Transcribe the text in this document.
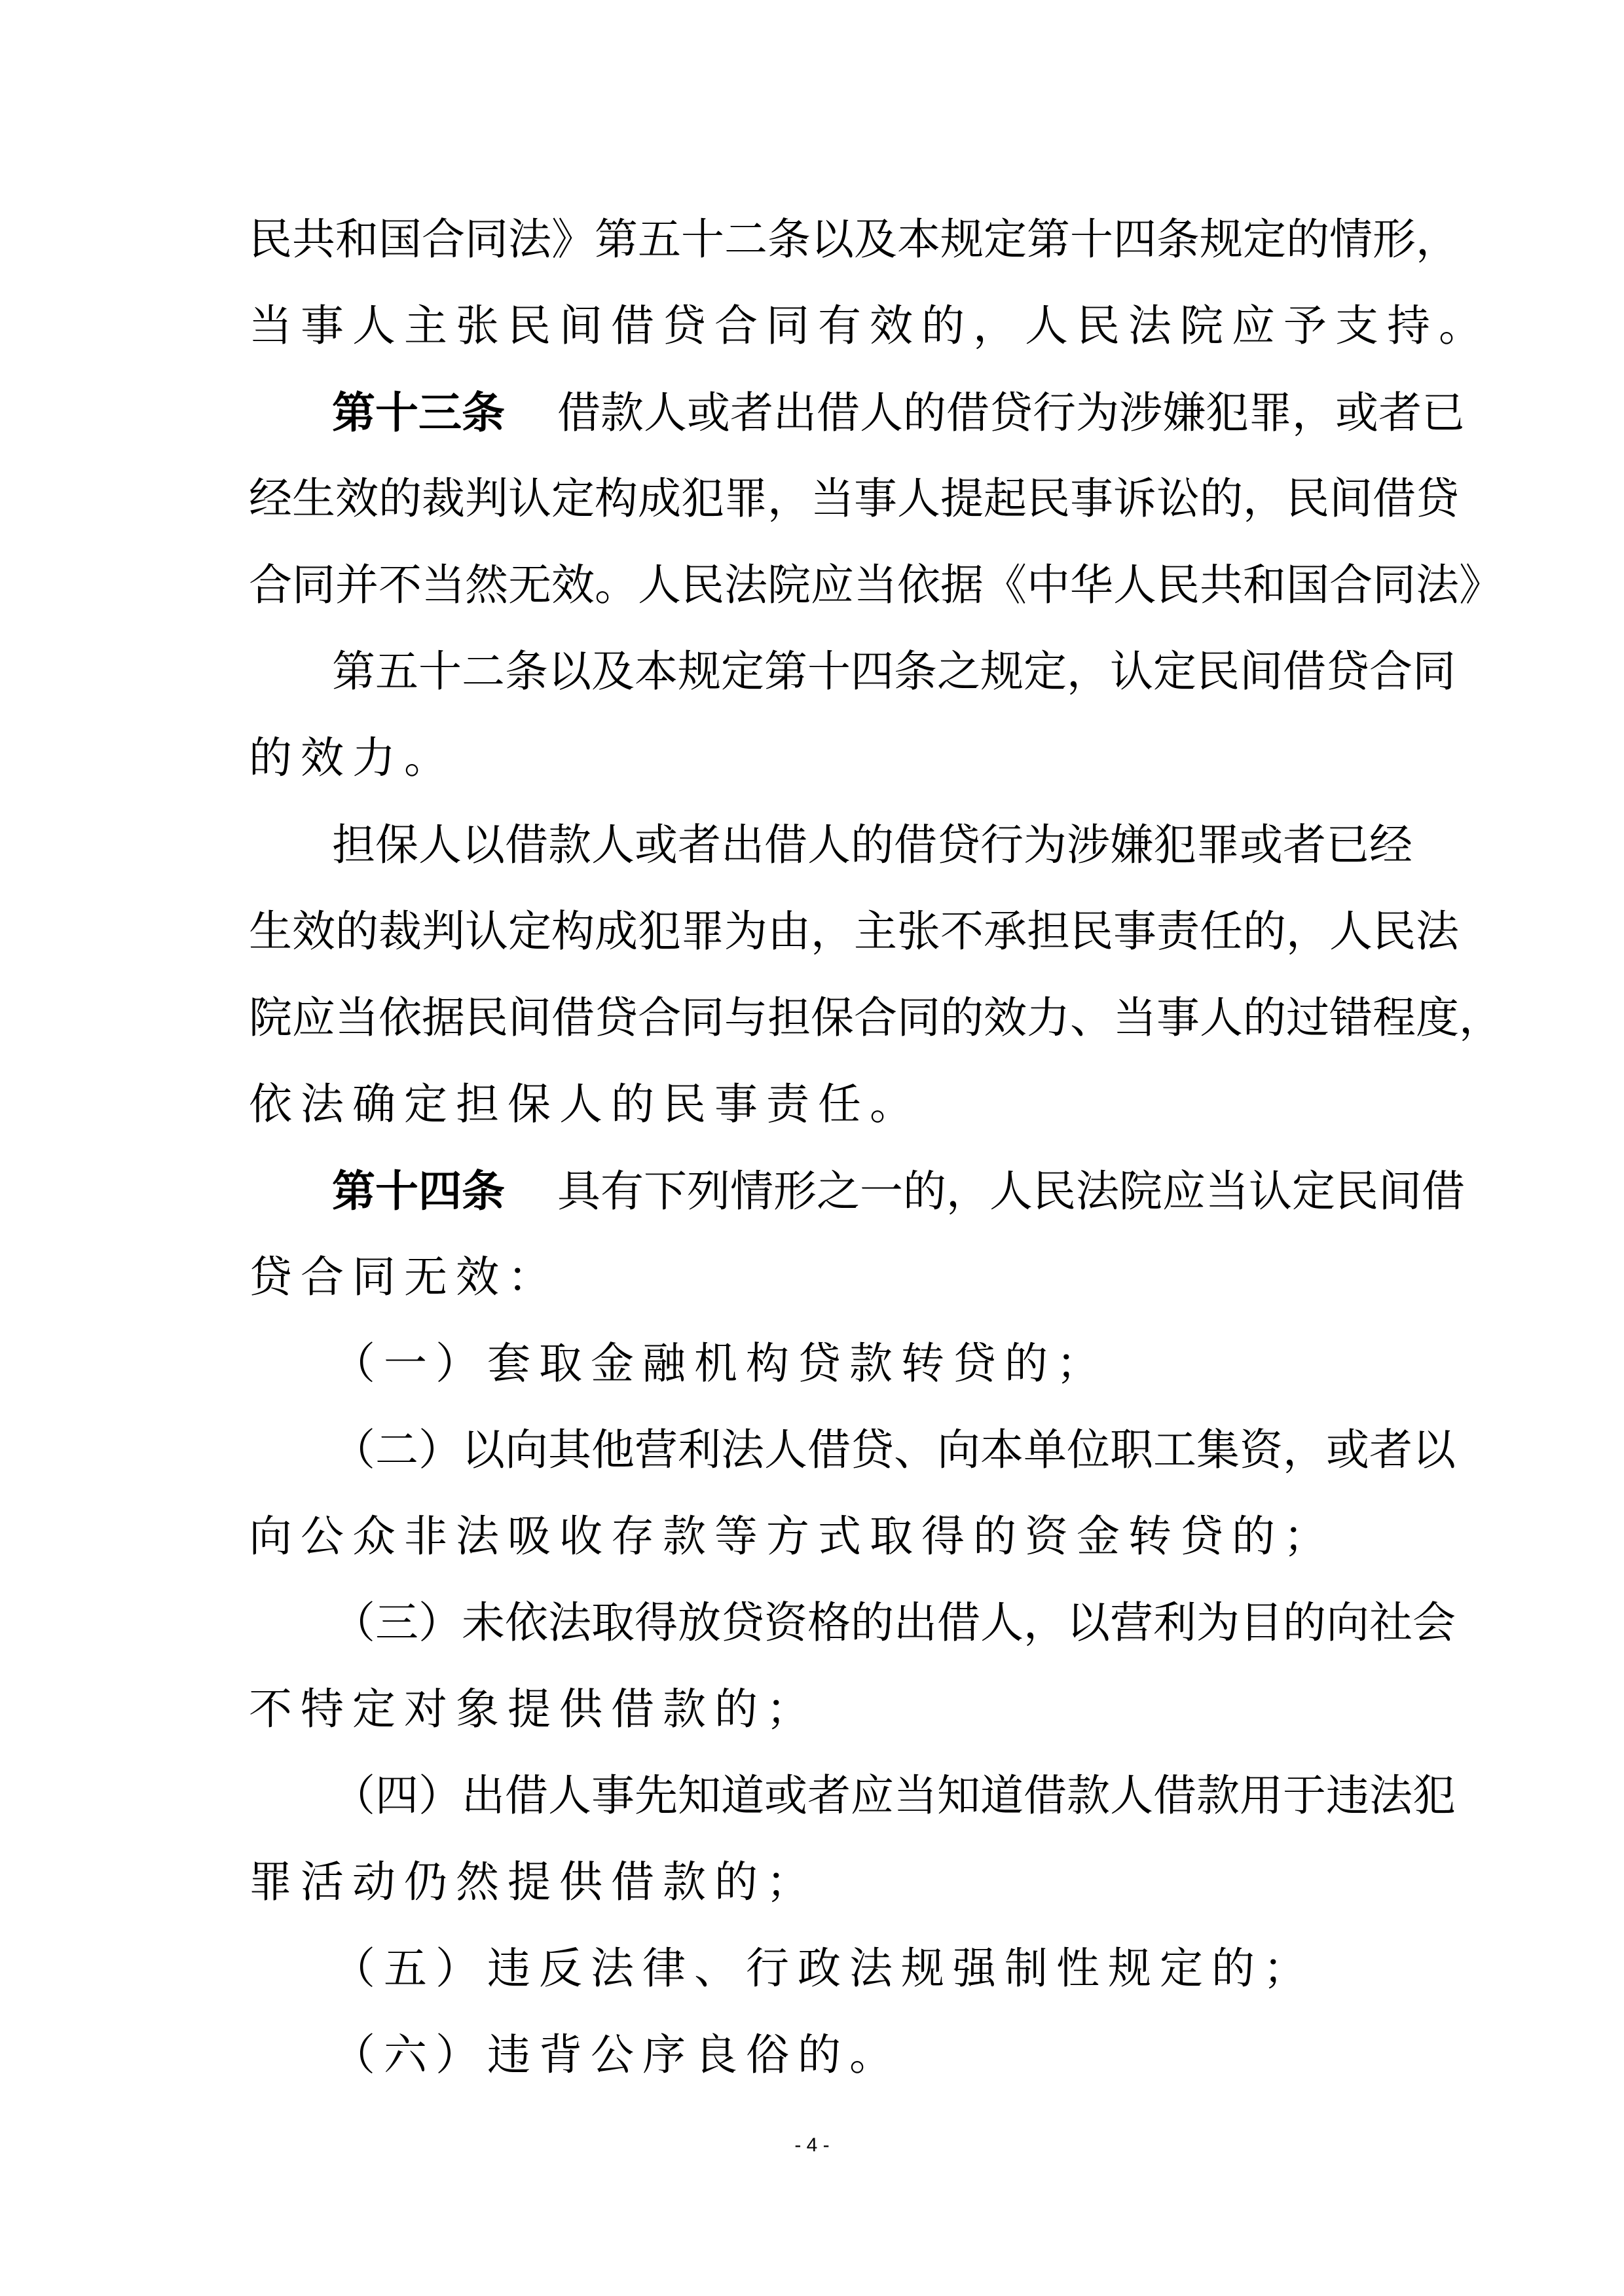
民共和国合同法》第五十二条以及本规定第十四条规定的情形，
当事人主张民间借贷合同有效的，人民法院应予支持。
第十三条 借款人或者出借人的借贷行为涉嫌犯罪，或者已
经生效的裁判认定构成犯罪，当事人提起民事诉讼的，民间借贷
合同并不当然无效。人民法院应当依据《中华人民共和国合同法》
第五十二条以及本规定第十四条之规定，认定民间借贷合同
的效力。
担保人以借款人或者出借人的借贷行为涉嫌犯罪或者已经
生效的裁判认定构成犯罪为由，主张不承担民事责任的，人民法
院应当依据民间借贷合同与担保合同的效力、当事人的过错程度，
依法确定担保人的民事责任。
第十四条 具有下列情形之一的，人民法院应当认定民间借
贷合同无效：
（一）套取金融机构贷款转贷的；
（二）以向其他营利法人借贷、向本单位职工集资，或者以
向公众非法吸收存款等方式取得的资金转贷的；
（三）未依法取得放贷资格的出借人，以营利为目的向社会
不特定对象提供借款的；
（四）出借人事先知道或者应当知道借款人借款用于违法犯
罪活动仍然提供借款的；
（五）违反法律、行政法规强制性规定的；
（六）违背公序良俗的。
- 4 -
